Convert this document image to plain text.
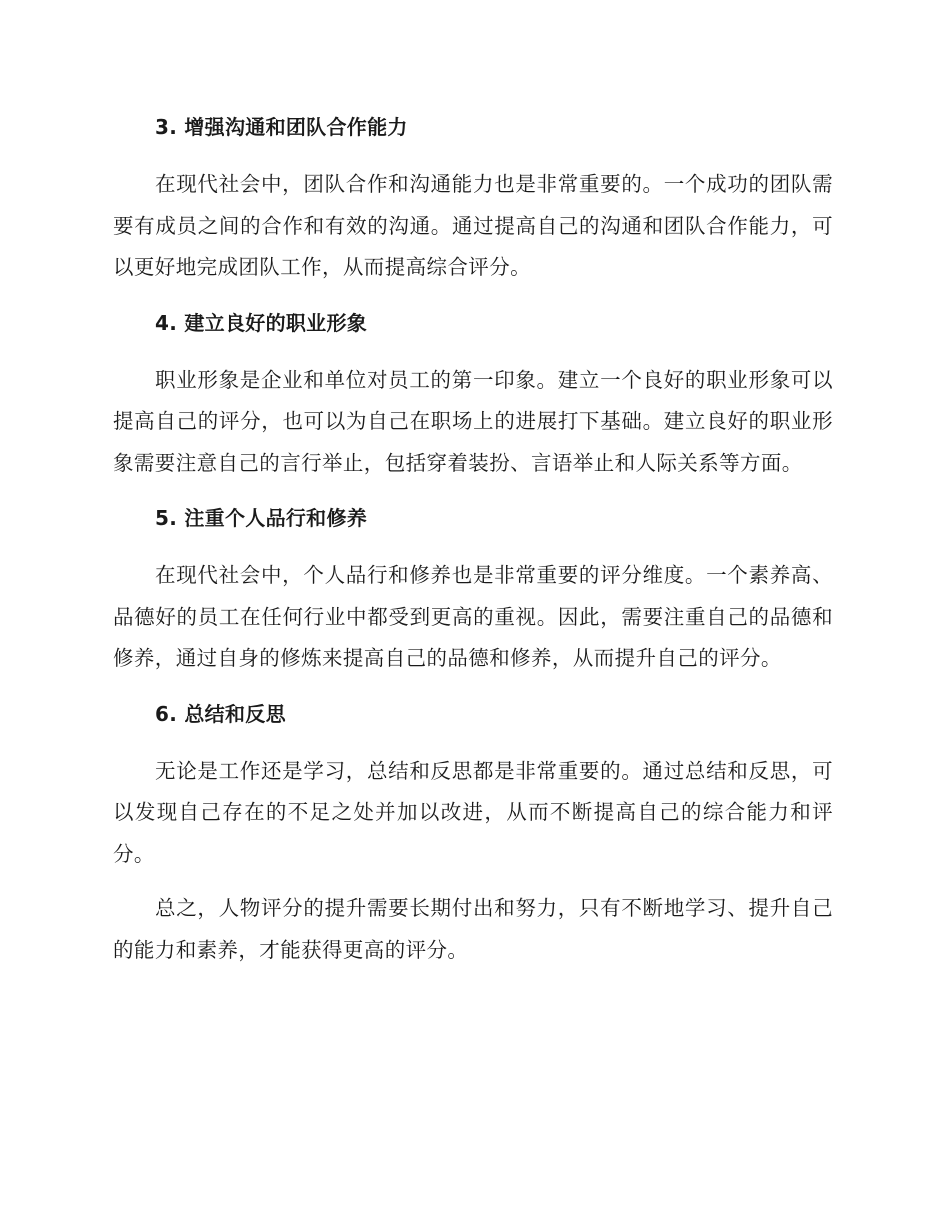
3. 增强沟通和团队合作能力

在现代社会中，团队合作和沟通能力也是非常重要的。一个成功的团队需要有成员之间的合作和有效的沟通。通过提高自己的沟通和团队合作能力，可以更好地完成团队工作，从而提高综合评分。

4. 建立良好的职业形象

职业形象是企业和单位对员工的第一印象。建立一个良好的职业形象可以提高自己的评分，也可以为自己在职场上的进展打下基础。建立良好的职业形象需要注意自己的言行举止，包括穿着装扮、言语举止和人际关系等方面。

5. 注重个人品行和修养

在现代社会中，个人品行和修养也是非常重要的评分维度。一个素养高、品德好的员工在任何行业中都受到更高的重视。因此，需要注重自己的品德和修养，通过自身的修炼来提高自己的品德和修养，从而提升自己的评分。

6. 总结和反思

无论是工作还是学习，总结和反思都是非常重要的。通过总结和反思，可以发现自己存在的不足之处并加以改进，从而不断提高自己的综合能力和评分。

总之，人物评分的提升需要长期付出和努力，只有不断地学习、提升自己的能力和素养，才能获得更高的评分。
